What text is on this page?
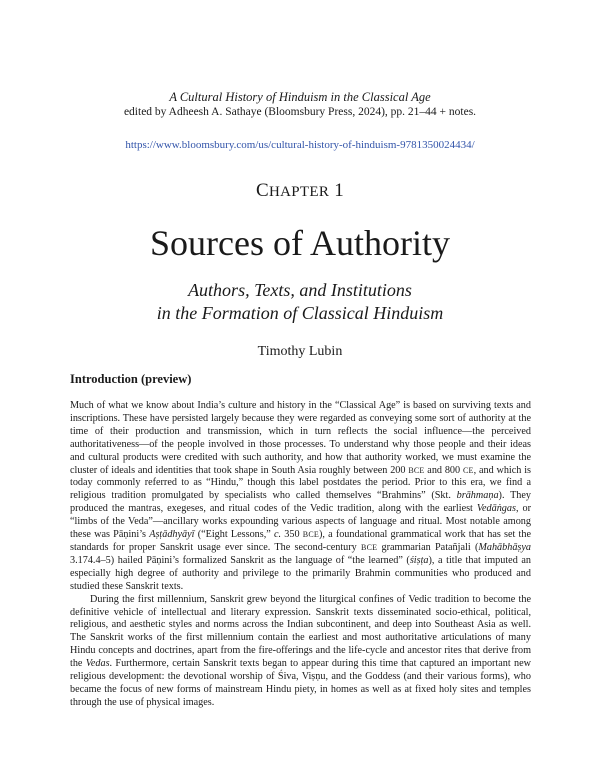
A Cultural History of Hinduism in the Classical Age
edited by Adheesh A. Sathaye (Bloomsbury Press, 2024), pp. 21–44 + notes.
https://www.bloomsbury.com/us/cultural-history-of-hinduism-9781350024434/
CHAPTER 1
Sources of Authority
Authors, Texts, and Institutions
in the Formation of Classical Hinduism
Timothy Lubin
Introduction (preview)

Much of what we know about India’s culture and history in the “Classical Age” is based on surviving texts and inscriptions. These have persisted largely because they were regarded as conveying some sort of authority at the time of their production and transmission, which in turn reflects the social influence—the perceived authoritativeness—of the people involved in those processes. To understand why those people and their ideas and cultural products were credited with such authority, and how that authority worked, we must examine the cluster of ideals and identities that took shape in South Asia roughly between 200 BCE and 800 CE, and which is today commonly referred to as “Hindu,” though this label postdates the period. Prior to this era, we find a religious tradition promulgated by specialists who called themselves “Brahmins” (Skt. brāhmaṇa). They produced the mantras, exegeses, and ritual codes of the Vedic tradition, along with the earliest Vedāṅgas, or “limbs of the Veda”—ancillary works expounding various aspects of language and ritual. Most notable among these was Pāṇini’s Aṣṭādhyāyī (“Eight Lessons,” c. 350 BCE), a foundational grammatical work that has set the standards for proper Sanskrit usage ever since. The second-century BCE grammarian Patañjali (Mahābhāṣya 3.174.4–5) hailed Pāṇini’s formalized Sanskrit as the language of “the learned” (śiṣṭa), a title that imputed an especially high degree of authority and privilege to the primarily Brahmin communities who produced and studied these Sanskrit texts.

During the first millennium, Sanskrit grew beyond the liturgical confines of Vedic tradition to become the definitive vehicle of intellectual and literary expression. Sanskrit texts disseminated socio-ethical, political, religious, and aesthetic styles and norms across the Indian subcontinent, and deep into Southeast Asia as well. The Sanskrit works of the first millennium contain the earliest and most authoritative articulations of many Hindu concepts and doctrines, apart from the fire-offerings and the life-cycle and ancestor rites that derive from the Vedas. Furthermore, certain Sanskrit texts began to appear during this time that captured an important new religious development: the devotional worship of Śiva, Viṣṇu, and the Goddess (and their various forms), who became the focus of new forms of mainstream Hindu piety, in homes as well as at fixed holy sites and temples through the use of physical images.
